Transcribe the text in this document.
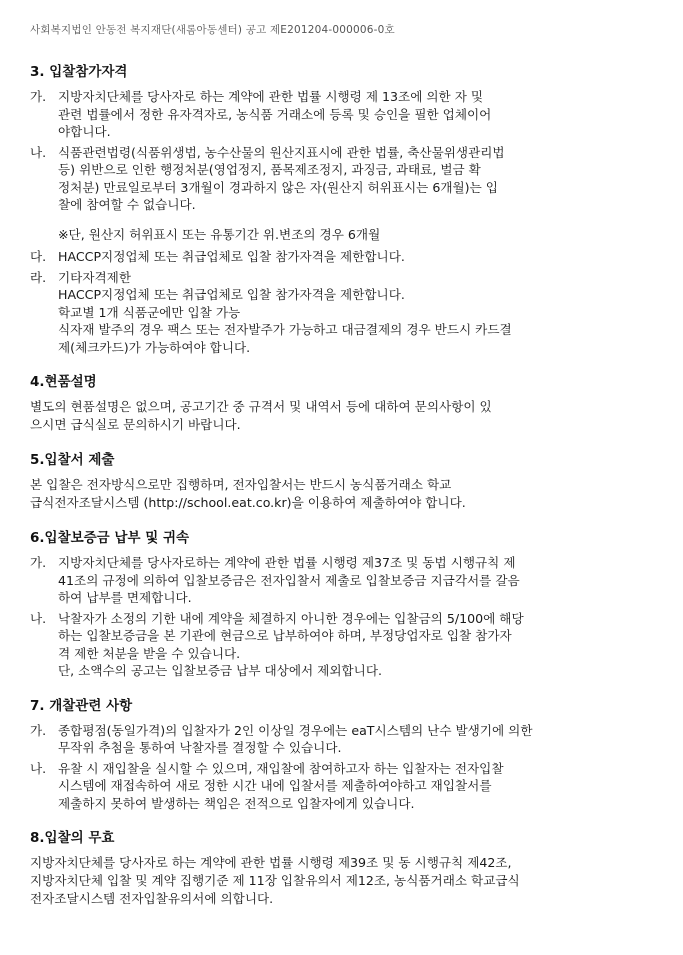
사회복지법인 안동전 복지재단(새롬아동센터) 공고 제E201204-000006-0호
3. 입찰참가자격
가. 지방자치단체를 당사자로 하는 계약에 관한 법률 시행령 제 13조에 의한 자 및
관련 법률에서 정한 유자격자로, 농식품 거래소에 등록 및 승인을 필한 업체이어
야합니다.
나. 식품관련법령(식품위생법, 농수산물의 원산지표시에 관한 법률, 축산물위생관리법
등) 위반으로 인한 행정처분(영업정지, 품목제조정지, 과징금, 과태료, 벌금 확
정처분) 만료일로부터 3개월이 경과하지 않은 자(원산지 허위표시는 6개월)는 입
찰에 참여할 수 없습니다.
※단, 원산지 허위표시 또는 유통기간 위.변조의 경우 6개월
다. HACCP지정업체 또는 취급업체로 입찰 참가자격을 제한합니다.
라. 기타자격제한
HACCP지정업체 또는 취급업체로 입찰 참가자격을 제한합니다.
학교별 1개 식품군에만 입찰 가능
식자재 발주의 경우 팩스 또는 전자발주가 가능하고 대금결제의 경우 반드시 카드결
제(체크카드)가 가능하여야 합니다.
4.현품설명
별도의 현품설명은 없으며, 공고기간 중 규격서 및 내역서 등에 대하여 문의사항이 있
으시면 급식실로 문의하시기 바랍니다.
5.입찰서 제출
본 입찰은 전자방식으로만 집행하며, 전자입찰서는 반드시 농식품거래소 학교
급식전자조달시스템 (http://school.eat.co.kr)을 이용하여 제출하여야 합니다.
6.입찰보증금 납부 및 귀속
가. 지방자치단체를 당사자로하는 계약에 관한 법률 시행령 제37조 및 동법 시행규칙 제
41조의 규정에 의하여 입찰보증금은 전자입찰서 제출로 입찰보증금 지급각서를 갈음
하여 납부를 면제합니다.
나. 낙찰자가 소정의 기한 내에 계약을 체결하지 아니한 경우에는 입찰금의 5/100에 해당
하는 입찰보증금을 본 기관에 현금으로 납부하여야 하며, 부정당업자로 입찰 참가자
격 제한 처분을 받을 수 있습니다.
단, 소액수의 공고는 입찰보증금 납부 대상에서 제외합니다.
7. 개찰관련 사항
가. 종합평점(동일가격)의 입찰자가 2인 이상일 경우에는 eaT시스템의 난수 발생기에 의한
무작위 추첨을 통하여 낙찰자를 결정할 수 있습니다.
나. 유찰 시 재입찰을 실시할 수 있으며, 재입찰에 참여하고자 하는 입찰자는 전자입찰
시스템에 재접속하여 새로 정한 시간 내에 입찰서를 제출하여야하고 재입찰서를
제출하지 못하여 발생하는 책임은 전적으로 입찰자에게 있습니다.
8.입찰의 무효
지방자치단체를 당사자로 하는 계약에 관한 법률 시행령 제39조 및 동 시행규칙 제42조,
지방자치단체 입찰 및 계약 집행기준 제 11장 입찰유의서 제12조, 농식품거래소 학교급식
전자조달시스템 전자입찰유의서에 의합니다.
